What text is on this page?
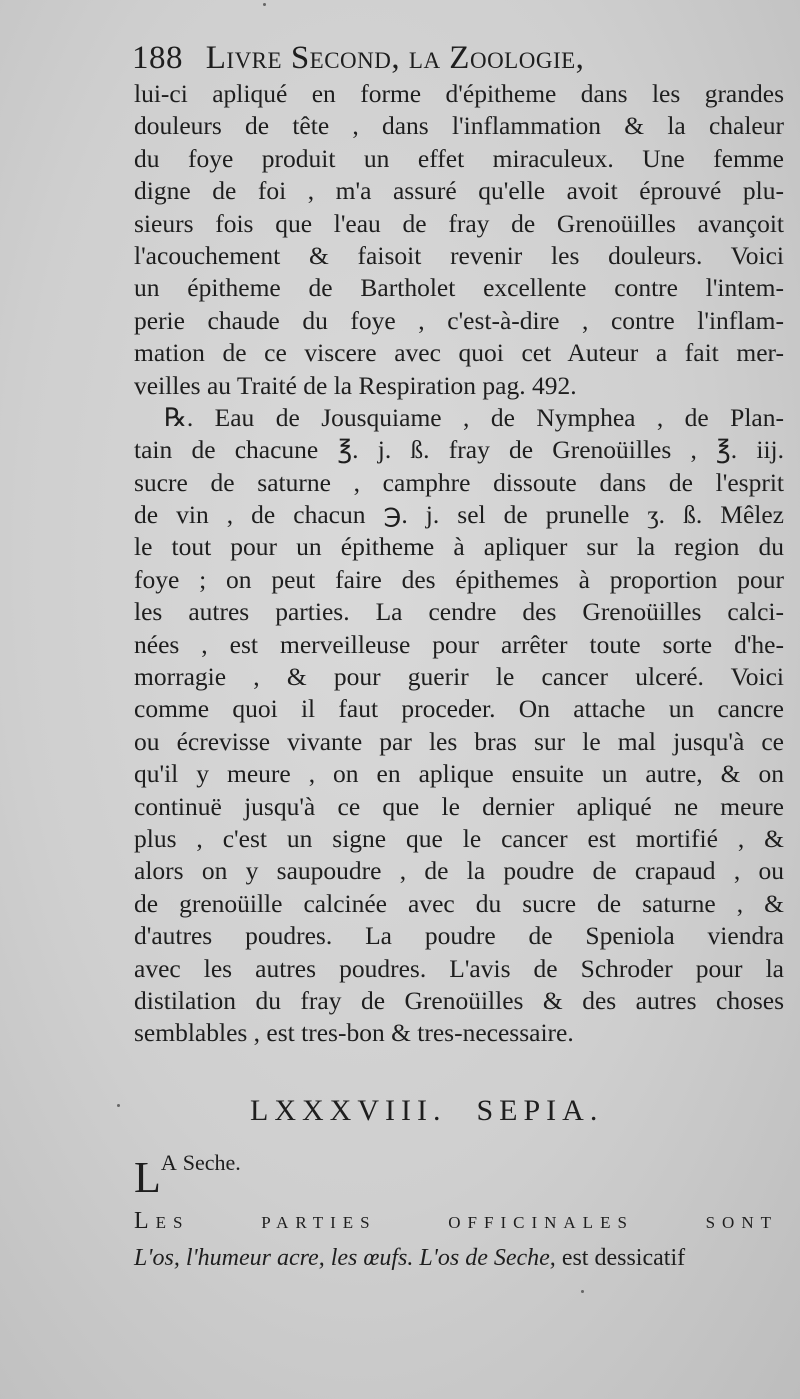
188 Livre Second, la Zoologie,
lui-ci apliqué en forme d'épitheme dans les grandes
douleurs de tête , dans l'inflammation & la chaleur
du foye produit un effet miraculeux. Une femme
digne de foi , m'a assuré qu'elle avoit éprouvé plu-
sieurs fois que l'eau de fray de Grenoüilles avançoit
l'acouchement & faisoit revenir les douleurs. Voici
un épitheme de Bartholet excellente contre l'intem-
perie chaude du foye , c'est-à-dire , contre l'inflam-
mation de ce viscere avec quoi cet Auteur a fait mer-
veilles au Traité de la Respiration pag. 492.
℞. Eau de Jousquiame , de Nymphea , de Plan-
tain de chacune ℥. j. ß. fray de Grenoüilles , ℥. iij.
sucre de saturne , camphre dissoute dans de l'esprit
de vin , de chacun ℈. j. sel de prunelle ʒ. ß. Mêlez
le tout pour un épitheme à apliquer sur la region du
foye ; on peut faire des épithemes à proportion pour
les autres parties. La cendre des Grenoüilles calci-
nées , est merveilleuse pour arrêter toute sorte d'he-
morragie , & pour guerir le cancer ulceré. Voici
comme quoi il faut proceder. On attache un cancre
ou écrevisse vivante par les bras sur le mal jusqu'à ce
qu'il y meure , on en aplique ensuite un autre, & on
continuë jusqu'à ce que le dernier apliqué ne meure
plus , c'est un signe que le cancer est mortifié , &
alors on y saupoudre , de la poudre de crapaud , ou
de grenoüille calcinée avec du sucre de saturne , &
d'autres poudres. La poudre de Speniola viendra
avec les autres poudres. L'avis de Schroder pour la
distilation du fray de Grenoüilles & des autres choses
semblables , est tres-bon & tres-necessaire.
LXXXVIII. SEPIA.
LA Seche.
Les parties officinales sont
L'os, l'humeur acre, les œufs. L'os de Seche, est dessicatif
